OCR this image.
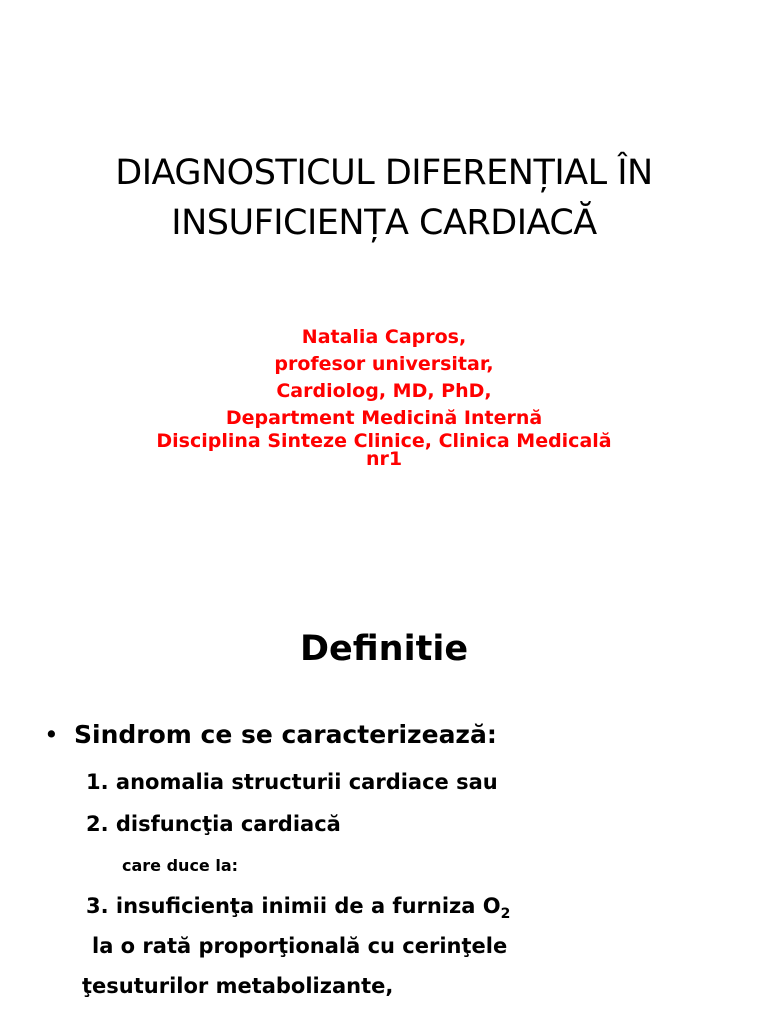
DIAGNOSTICUL DIFERENȚIAL ÎN
INSUFICIENȚA CARDIACĂ
Natalia Capros,
profesor universitar,
Cardiolog, MD, PhD,
Department Medicină Internă
Disciplina Sinteze Clinice, Clinica Medicală
nr1
Definitie
• Sindrom ce se caracterizează:
1. anomalia structurii cardiace sau
2. disfuncţia cardiacă
care duce la:
3. insuficienţa inimii de a furniza $O_2$
la o rată proporţională cu cerinţele
ţesuturilor metabolizante,
